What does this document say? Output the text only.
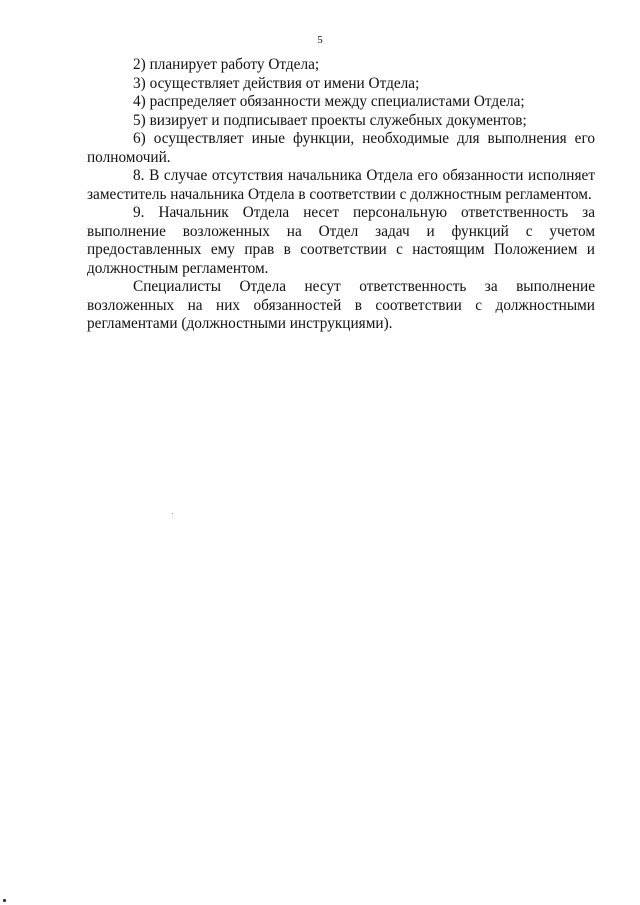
5

2) планирует работу Отдела;

3) осуществляет действия от имени Отдела;

4) распределяет обязанности между специалистами Отдела;

5) визирует и подписывает проекты служебных документов;

6) осуществляет иные функции, необходимые для выполнения его полномочий.

8. В случае отсутствия начальника Отдела его обязанности исполняет заместитель начальника Отдела в соответствии с должностным регламентом.

9. Начальник Отдела несет персональную ответственность за выполнение возложенных на Отдел задач и функций с учетом предоставленных ему прав в соответствии с настоящим Положением и должностным регламентом.

Специалисты Отдела несут ответственность за выполнение возложенных на них обязанностей в соответствии с должностными регламентами (должностными инструкциями).
